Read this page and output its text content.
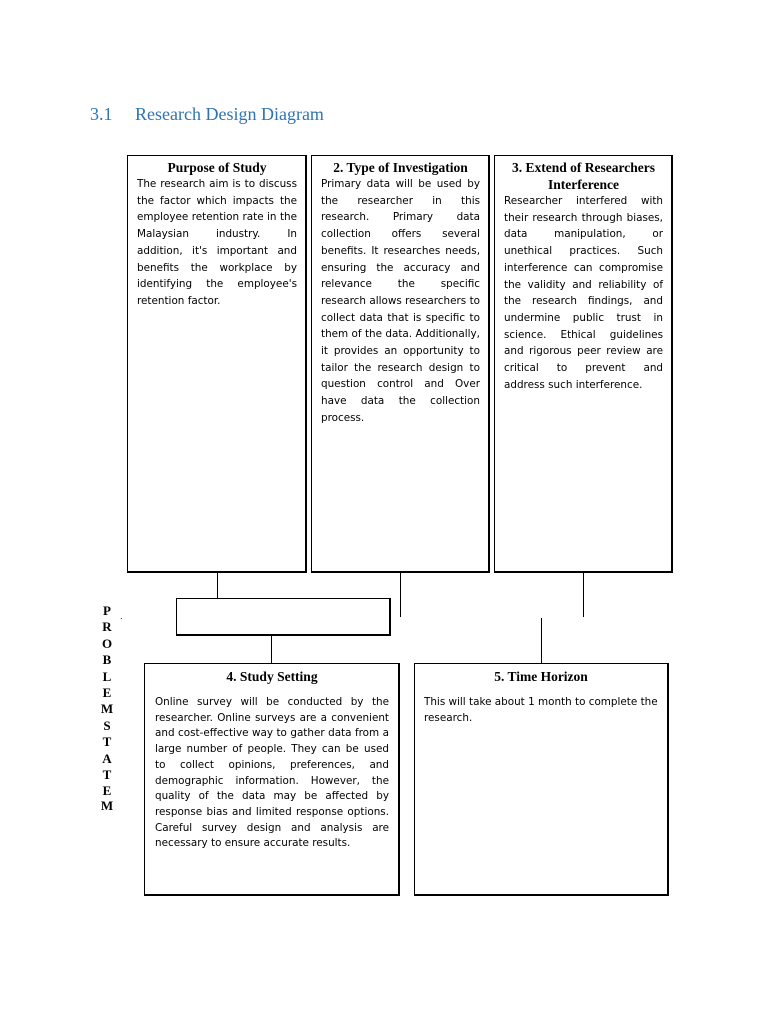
3.1 Research Design Diagram

Purpose of Study

The research aim is to discuss the factor which impacts the employee retention rate in the Malaysian industry. In addition, it's important and benefits the workplace by identifying the employee's retention factor.

2. Type of Investigation

Primary data will be used by the researcher in this research. Primary data collection offers several benefits. It researches needs, ensuring the accuracy and relevance the specific research allows researchers to collect data that is specific to them of the data. Additionally, it provides an opportunity to tailor the research design to question control and Over have data the collection process.

3. Extend of Researchers Interference

Researcher interfered with their research through biases, data manipulation, or unethical practices. Such interference can compromise the validity and reliability of the research findings, and undermine public trust in science. Ethical guidelines and rigorous peer review are critical to prevent and address such interference.

4. Study Setting

Online survey will be conducted by the researcher. Online surveys are a convenient and cost-effective way to gather data from a large number of people. They can be used to collect opinions, preferences, and demographic information. However, the quality of the data may be affected by response bias and limited response options. Careful survey design and analysis are necessary to ensure accurate results.

5. Time Horizon

This will take about 1 month to complete the research.

P
R
O
B
L
E
M
S
T
A
T
E
M
.
